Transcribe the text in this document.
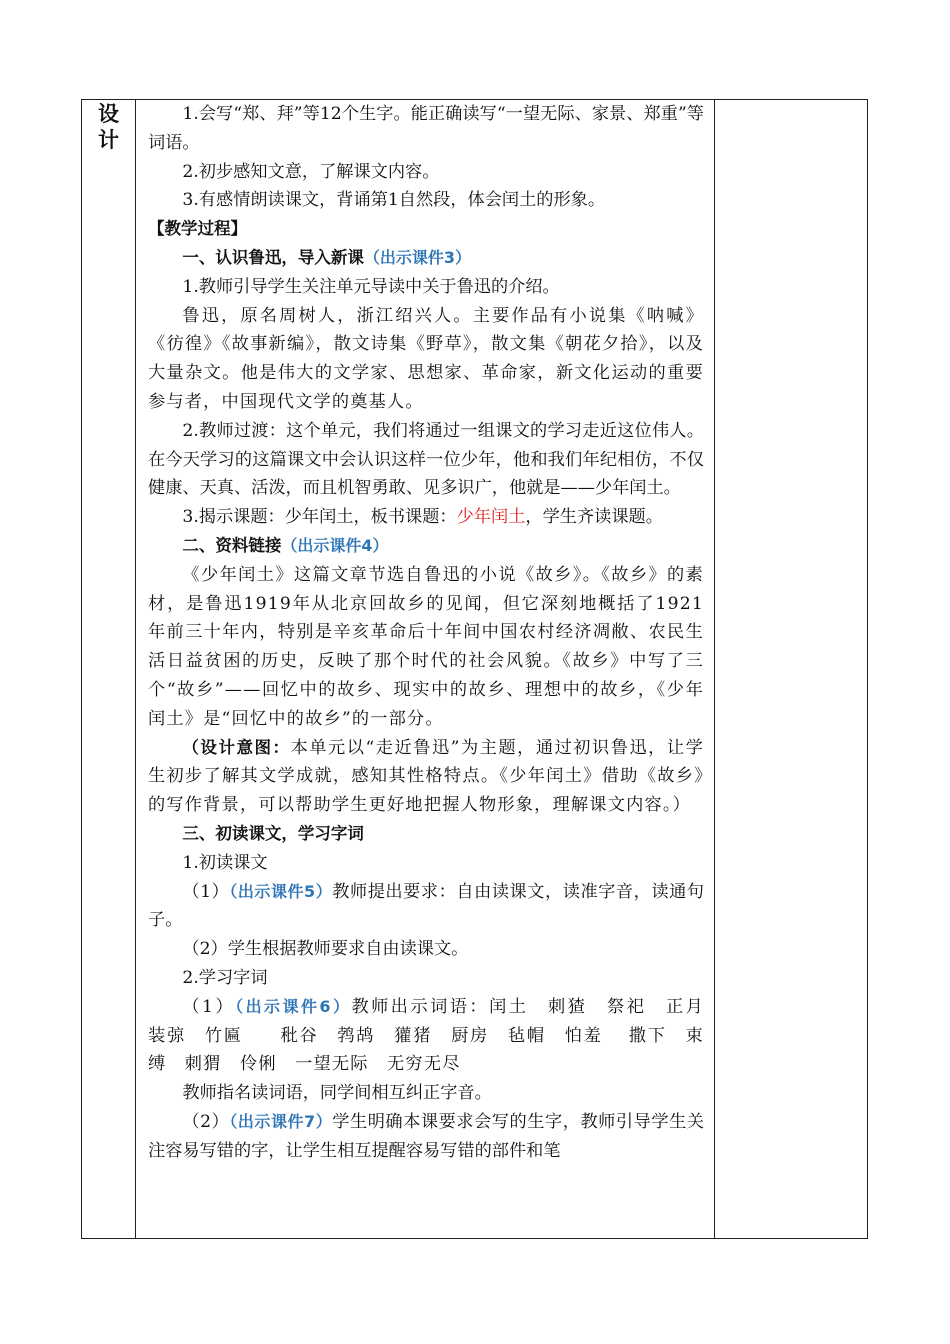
设
计

1.会写“郑、拜”等12个生字。能正确读写“一望无际、家景、郑重”等词语。

2.初步感知文意，了解课文内容。

3.有感情朗读课文，背诵第1自然段，体会闰土的形象。

【教学过程】

一、认识鲁迅，导入新课（出示课件3）

1.教师引导学生关注单元导读中关于鲁迅的介绍。

鲁迅，原名周树人，浙江绍兴人。主要作品有小说集《呐喊》《彷徨》《故事新编》，散文诗集《野草》，散文集《朝花夕拾》，以及大量杂文。他是伟大的文学家、思想家、革命家，新文化运动的重要参与者，中国现代文学的奠基人。

2.教师过渡：这个单元，我们将通过一组课文的学习走近这位伟人。在今天学习的这篇课文中会认识这样一位少年，他和我们年纪相仿，不仅健康、天真、活泼，而且机智勇敢、见多识广，他就是——少年闰土。

3.揭示课题：少年闰土，板书课题：少年闰土，学生齐读课题。

二、资料链接（出示课件4）

《少年闰土》这篇文章节选自鲁迅的小说《故乡》。《故乡》的素材，是鲁迅1919年从北京回故乡的见闻，但它深刻地概括了1921年前三十年内，特别是辛亥革命后十年间中国农村经济凋敝、农民生活日益贫困的历史，反映了那个时代的社会风貌。《故乡》中写了三个“故乡”——回忆中的故乡、现实中的故乡、理想中的故乡，《少年闰土》是“回忆中的故乡”的一部分。

（设计意图：本单元以“走近鲁迅”为主题，通过初识鲁迅，让学生初步了解其文学成就，感知其性格特点。《少年闰土》借助《故乡》的写作背景，可以帮助学生更好地把握人物形象，理解课文内容。）

三、初读课文，学习字词

1.初读课文

（1）（出示课件5）教师提出要求：自由读课文，读准字音，读通句子。

（2）学生根据教师要求自由读课文。

2.学习字词

（1）（出示课件6）教师出示词语：闰土　刺猹　祭祀　正月　装弶　竹匾　　秕谷　鹁鸪　獾猪　厨房　毡帽　怕羞　 撒下　束缚　刺猬　伶俐　一望无际　无穷无尽

教师指名读词语，同学间相互纠正字音。

（2）（出示课件7）学生明确本课要求会写的生字，教师引导学生关注容易写错的字，让学生相互提醒容易写错的部件和笔
